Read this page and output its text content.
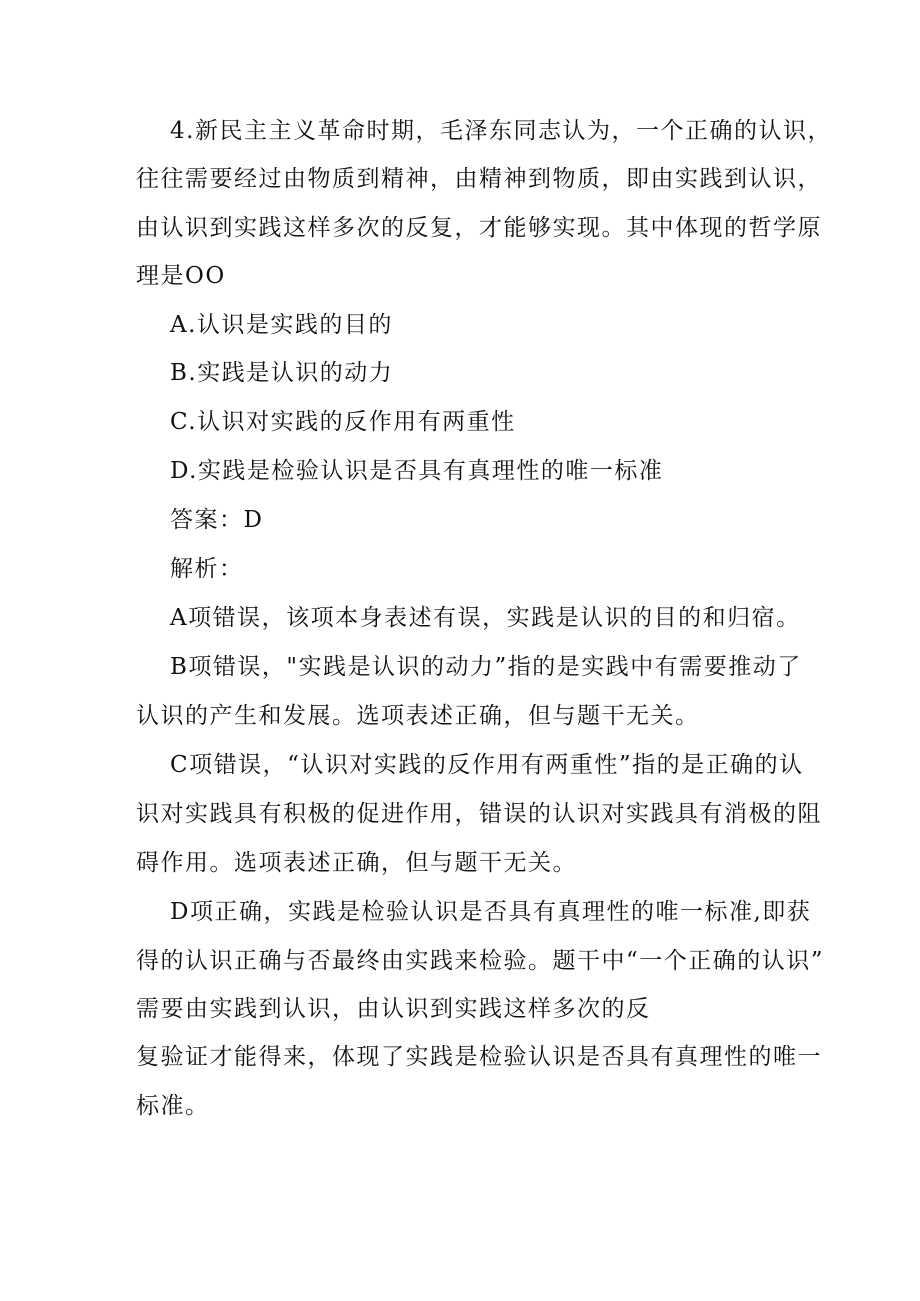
4.新民主主义革命时期，毛泽东同志认为，一个正确的认识，
往往需要经过由物质到精神，由精神到物质，即由实践到认识，
由认识到实践这样多次的反复，才能够实现。其中体现的哲学原
理是OO
A.认识是实践的目的
B.实践是认识的动力
C.认识对实践的反作用有两重性
D.实践是检验认识是否具有真理性的唯一标准
答案：D
解析：
A项错误，该项本身表述有误，实践是认识的目的和归宿。
B项错误，"实践是认识的动力”指的是实践中有需要推动了
认识的产生和发展。选项表述正确，但与题干无关。
C项错误，“认识对实践的反作用有两重性”指的是正确的认
识对实践具有积极的促进作用，错误的认识对实践具有消极的阻
碍作用。选项表述正确，但与题干无关。
D项正确，实践是检验认识是否具有真理性的唯一标准,即获
得的认识正确与否最终由实践来检验。题干中“一个正确的认识”
需要由实践到认识，由认识到实践这样多次的反
复验证才能得来，体现了实践是检验认识是否具有真理性的唯一
标准。
